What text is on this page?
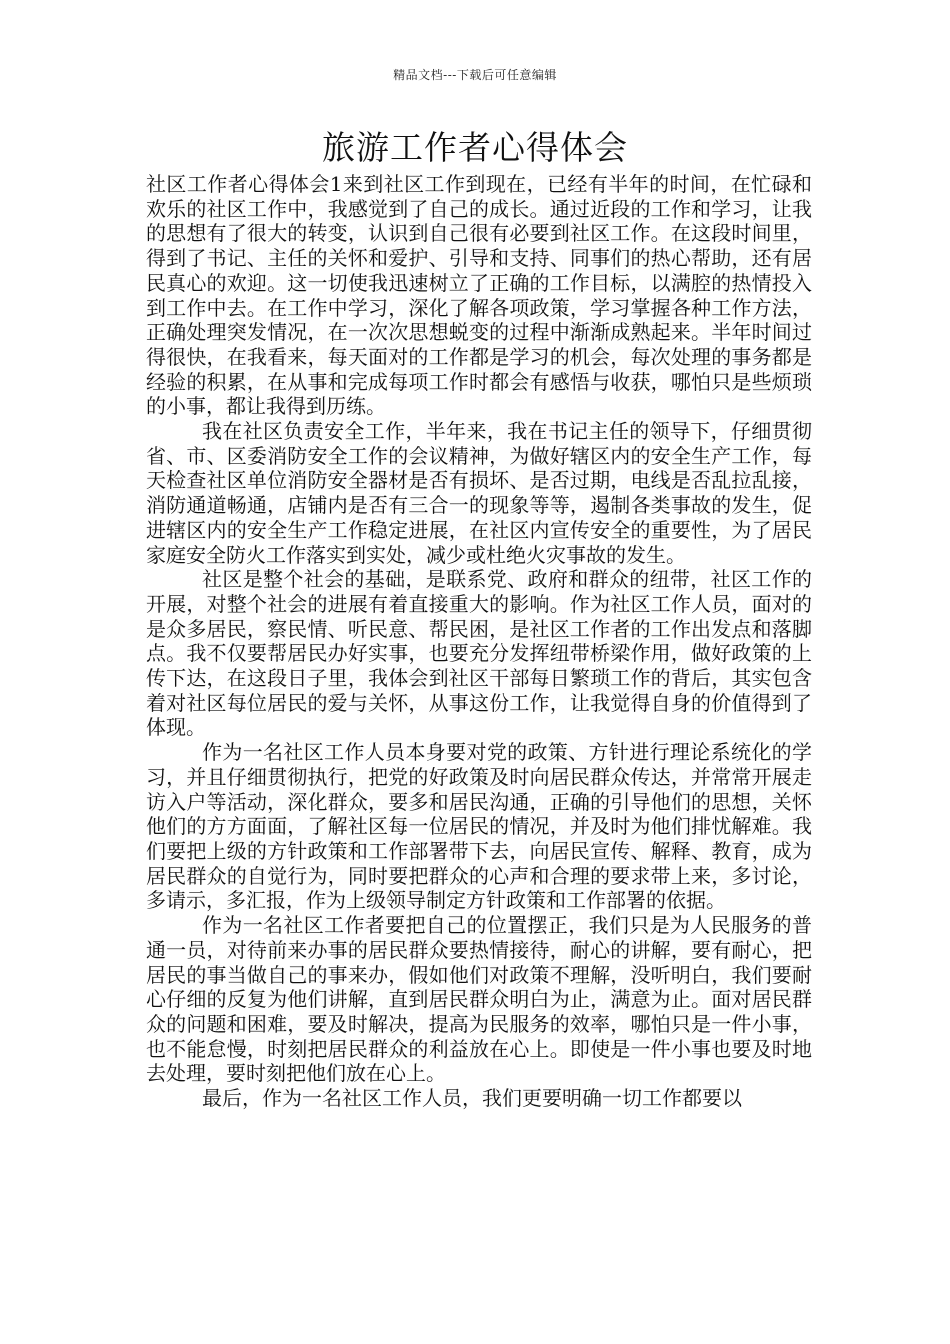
精品文档---下载后可任意编辑
旅游工作者心得体会

社区工作者心得体会1来到社区工作到现在，已经有半年的时间，在忙碌和欢乐的社区工作中，我感觉到了自己的成长。通过近段的工作和学习，让我的思想有了很大的转变，认识到自己很有必要到社区工作。在这段时间里，得到了书记、主任的关怀和爱护、引导和支持、同事们的热心帮助，还有居民真心的欢迎。这一切使我迅速树立了正确的工作目标，以满腔的热情投入到工作中去。在工作中学习，深化了解各项政策，学习掌握各种工作方法，正确处理突发情况，在一次次思想蜕变的过程中渐渐成熟起来。半年时间过得很快，在我看来，每天面对的工作都是学习的机会，每次处理的事务都是经验的积累，在从事和完成每项工作时都会有感悟与收获，哪怕只是些烦琐的小事，都让我得到历练。

我在社区负责安全工作，半年来，我在书记主任的领导下，仔细贯彻省、市、区委消防安全工作的会议精神，为做好辖区内的安全生产工作，每天检查社区单位消防安全器材是否有损坏、是否过期，电线是否乱拉乱接，消防通道畅通，店铺内是否有三合一的现象等等，遏制各类事故的发生，促进辖区内的安全生产工作稳定进展，在社区内宣传安全的重要性，为了居民家庭安全防火工作落实到实处，减少或杜绝火灾事故的发生。

社区是整个社会的基础，是联系党、政府和群众的纽带，社区工作的开展，对整个社会的进展有着直接重大的影响。作为社区工作人员，面对的是众多居民，察民情、听民意、帮民困，是社区工作者的工作出发点和落脚点。我不仅要帮居民办好实事，也要充分发挥纽带桥梁作用，做好政策的上传下达，在这段日子里，我体会到社区干部每日繁琐工作的背后，其实包含着对社区每位居民的爱与关怀，从事这份工作，让我觉得自身的价值得到了体现。

作为一名社区工作人员本身要对党的政策、方针进行理论系统化的学习，并且仔细贯彻执行，把党的好政策及时向居民群众传达，并常常开展走访入户等活动，深化群众，要多和居民沟通，正确的引导他们的思想，关怀他们的方方面面，了解社区每一位居民的情况，并及时为他们排忧解难。我们要把上级的方针政策和工作部署带下去，向居民宣传、解释、教育，成为居民群众的自觉行为，同时要把群众的心声和合理的要求带上来，多讨论，多请示，多汇报，作为上级领导制定方针政策和工作部署的依据。

作为一名社区工作者要把自己的位置摆正，我们只是为人民服务的普通一员，对待前来办事的居民群众要热情接待，耐心的讲解，要有耐心，把居民的事当做自己的事来办，假如他们对政策不理解，没听明白，我们要耐心仔细的反复为他们讲解，直到居民群众明白为止，满意为止。面对居民群众的问题和困难，要及时解决，提高为民服务的效率，哪怕只是一件小事，也不能怠慢，时刻把居民群众的利益放在心上。即使是一件小事也要及时地去处理，要时刻把他们放在心上。

最后，作为一名社区工作人员，我们更要明确一切工作都要以
